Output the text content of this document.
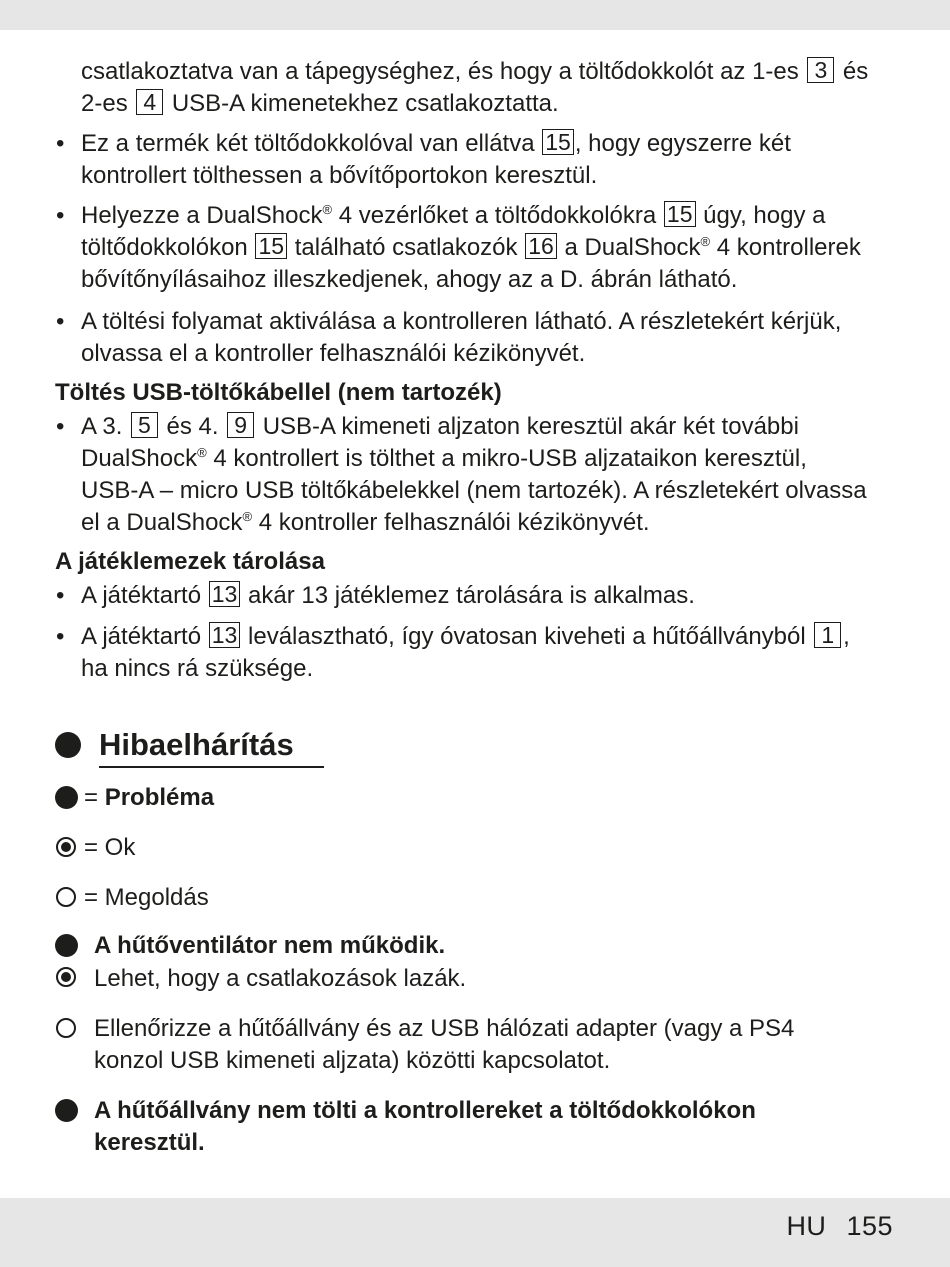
csatlakoztatva van a tápegységhez, és hogy a töltődokkolót az 1-es 3 és
2-es 4 USB-A kimenetekhez csatlakoztatta.
• Ez a termék két töltődokkolóval van ellátva 15 , hogy egyszerre két
kontrollert tölthessen a bővítőportokon keresztül.
• Helyezze a DualShock® 4 vezérlőket a töltődokkolókra 15 úgy, hogy a
töltődokkolókon 15 található csatlakozók 16 a DualShock® 4 kontrollerek
bővítőnyílásaihoz illeszkedjenek, ahogy az a D. ábrán látható.
• A töltési folyamat aktiválása a kontrolleren látható. A részletekért kérjük,
olvassa el a kontroller felhasználói kézikönyvét.
Töltés USB-töltőkábellel (nem tartozék)
• A 3. 5 és 4. 9 USB-A kimeneti aljzaton keresztül akár két további
DualShock® 4 kontrollert is tölthet a mikro-USB aljzataikon keresztül,
USB-A – micro USB töltőkábelekkel (nem tartozék). A részletekért olvassa
el a DualShock® 4 kontroller felhasználói kézikönyvét.
A játéklemezek tárolása
• A játéktartó 13 akár 13 játéklemez tárolására is alkalmas.
• A játéktartó 13 leválasztható, így óvatosan kiveheti a hűtőállványból 1 ,
ha nincs rá szüksége.
Hibaelhárítás
= Probléma
= Ok
= Megoldás
A hűtőventilátor nem működik.
Lehet, hogy a csatlakozások lazák.
Ellenőrizze a hűtőállvány és az USB hálózati adapter (vagy a PS4
konzol USB kimeneti aljzata) közötti kapcsolatot.
A hűtőállvány nem tölti a kontrollereket a töltődokkolókon
keresztül.
HU 155
